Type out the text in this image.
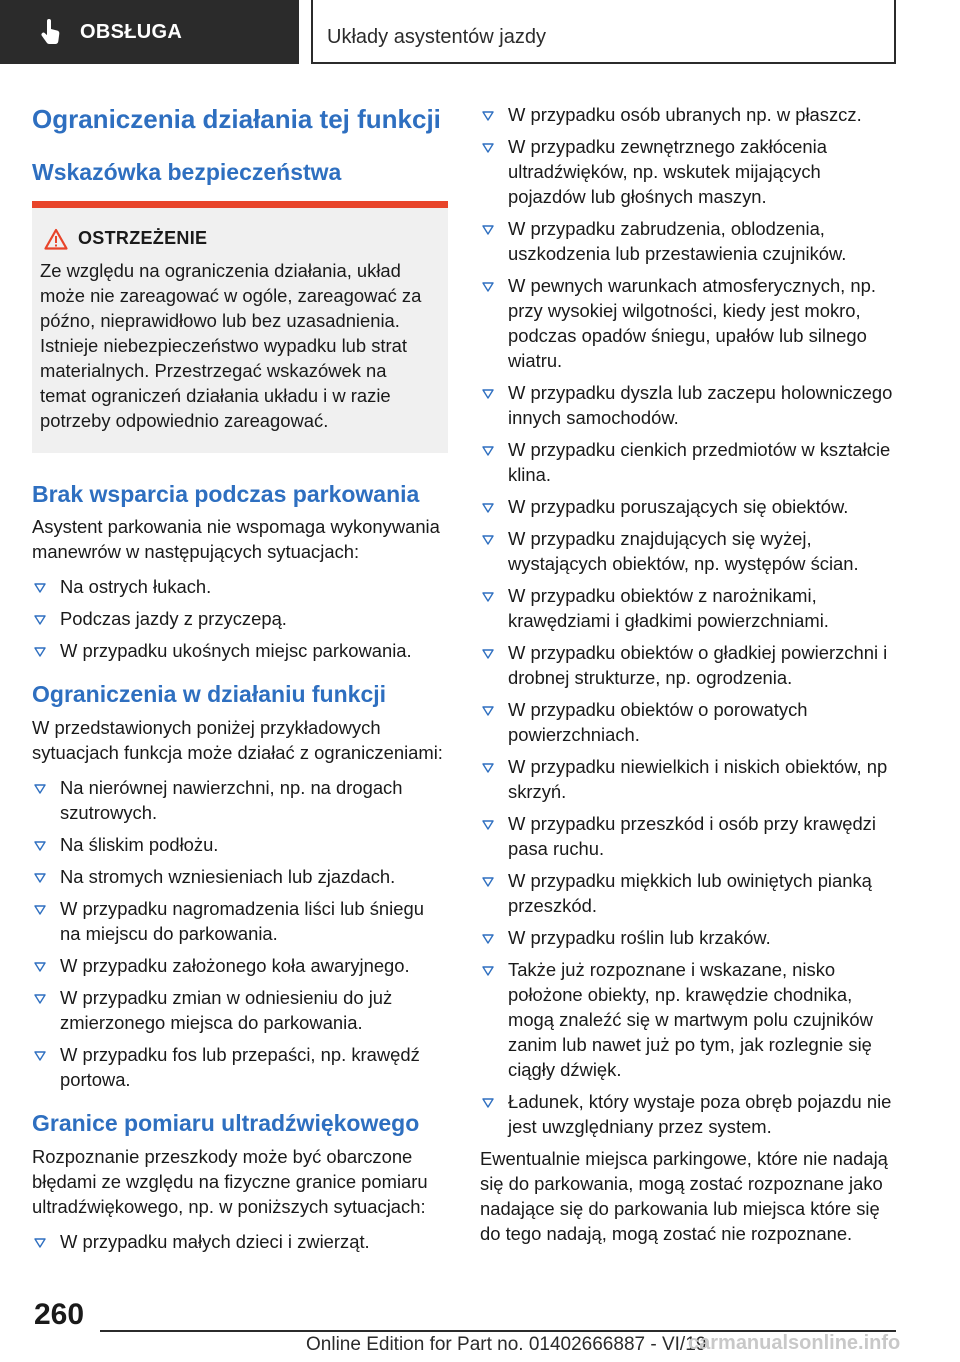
OBSŁUGA	Układy asystentów jazdy
Ograniczenia działania tej funkcji
Wskazówka bezpieczeństwa
OSTRZEŻENIE

Ze względu na ograniczenia działania, układ może nie zareagować w ogóle, zareagować za późno, nieprawidłowo lub bez uzasadnienia. Istnieje niebezpieczeństwo wypadku lub strat materialnych. Przestrzegać wskazówek na temat ograniczeń działania układu i w razie potrzeby odpowiednio zareagować.

Brak wsparcia podczas parkowania

Asystent parkowania nie wspomaga wykonywania manewrów w następujących sytuacjach:

Na ostrych łukach.
Podczas jazdy z przyczepą.
W przypadku ukośnych miejsc parkowania.
Ograniczenia w działaniu funkcji

W przedstawionych poniżej przykładowych sytuacjach funkcja może działać z ograniczeniami:

Na nierównej nawierzchni, np. na drogach szutrowych.
Na śliskim podłożu.
Na stromych wzniesieniach lub zjazdach.
W przypadku nagromadzenia liści lub śniegu na miejscu do parkowania.
W przypadku założonego koła awaryjnego.
W przypadku zmian w odniesieniu do już zmierzonego miejsca do parkowania.
W przypadku fos lub przepaści, np. krawędź portowa.
Granice pomiaru ultradźwiękowego

Rozpoznanie przeszkody może być obarczone błędami ze względu na fizyczne granice pomiaru ultradźwiękowego, np. w poniższych sytuacjach:

W przypadku małych dzieci i zwierząt.
W przypadku osób ubranych np. w płaszcz.
W przypadku zewnętrznego zakłócenia ultradźwięków, np. wskutek mijających pojazdów lub głośnych maszyn.
W przypadku zabrudzenia, oblodzenia, uszkodzenia lub przestawienia czujników.
W pewnych warunkach atmosferycznych, np. przy wysokiej wilgotności, kiedy jest mokro, podczas opadów śniegu, upałów lub silnego wiatru.
W przypadku dyszla lub zaczepu holowniczego innych samochodów.
W przypadku cienkich przedmiotów w kształcie klina.
W przypadku poruszających się obiektów.
W przypadku znajdujących się wyżej, wystających obiektów, np. występów ścian.
W przypadku obiektów z narożnikami, krawędziami i gładkimi powierzchniami.
W przypadku obiektów o gładkiej powierzchni i drobnej strukturze, np. ogrodzenia.
W przypadku obiektów o porowatych powierzchniach.
W przypadku niewielkich i niskich obiektów, np skrzyń.
W przypadku przeszkód i osób przy krawędzi pasa ruchu.
W przypadku miękkich lub owiniętych pianką przeszkód.
W przypadku roślin lub krzaków.
Także już rozpoznane i wskazane, nisko położone obiekty, np. krawędzie chodnika, mogą znaleźć się w martwym polu czujników zanim lub nawet już po tym, jak rozlegnie się ciągły dźwięk.
Ładunek, który wystaje poza obręb pojazdu nie jest uwzględniany przez system.

Ewentualnie miejsca parkingowe, które nie nadają się do parkowania, mogą zostać rozpoznane jako nadające się do parkowania lub miejsca które się do tego nadają, mogą zostać nie rozpoznane.

260
Online Edition for Part no. 01402666887 - VI/19
carmanualsonline.info
